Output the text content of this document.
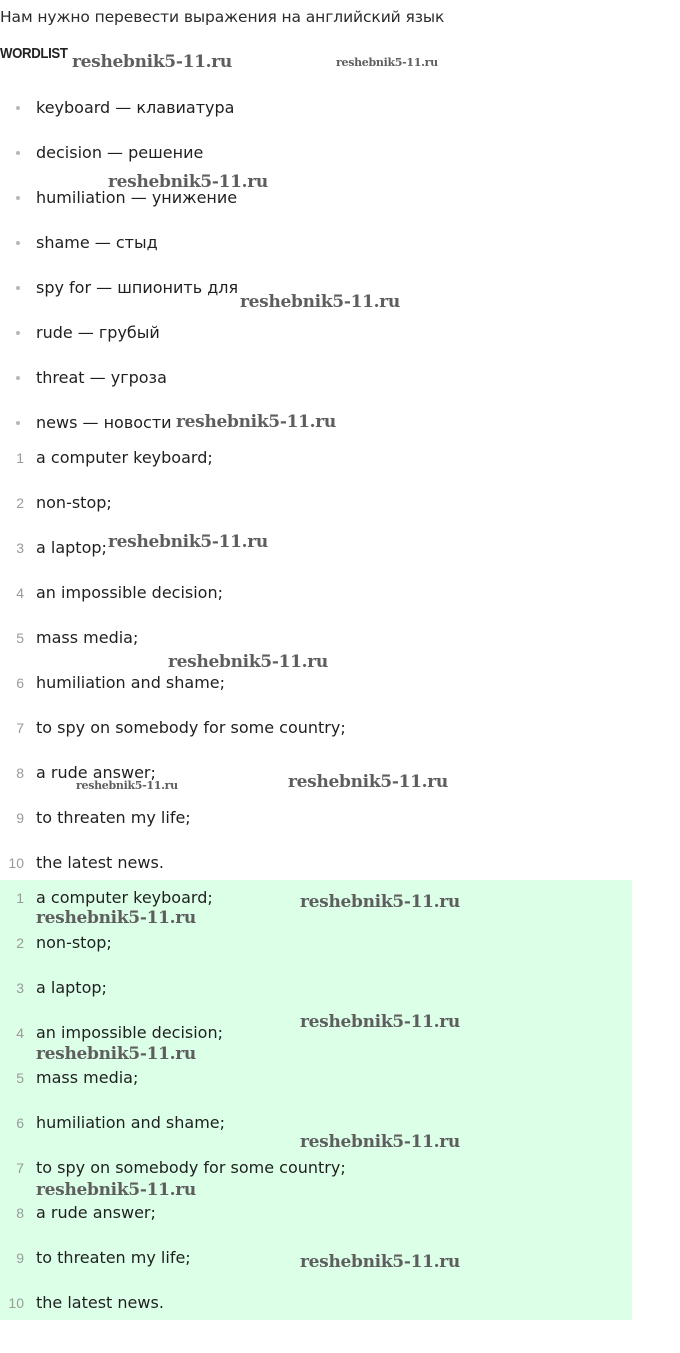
Нам нужно перевести выражения на английский язык
WORDLIST
keyboard — клавиатура
decision — решение
humiliation — унижение
shame — стыд
spy for — шпионить для
rude — грубый
threat — угроза
news — новости
1 a computer keyboard;
2 non-stop;
3 a laptop;
4 an impossible decision;
5 mass media;
6 humiliation and shame;
7 to spy on somebody for some country;
8 a rude answer;
9 to threaten my life;
10 the latest news.
1 a computer keyboard;
2 non-stop;
3 a laptop;
4 an impossible decision;
5 mass media;
6 humiliation and shame;
7 to spy on somebody for some country;
8 a rude answer;
9 to threaten my life;
10 the latest news.
reshebnik5-11.ru	reshebnik5-11.ru
reshebnik5-11.ru
reshebnik5-11.ru
reshebnik5-11.ru
reshebnik5-11.ru
reshebnik5-11.ru
reshebnik5-11.ru	reshebnik5-11.ru
reshebnik5-11.ru
reshebnik5-11.ru
reshebnik5-11.ru
reshebnik5-11.ru
reshebnik5-11.ru
reshebnik5-11.ru
reshebnik5-11.ru
